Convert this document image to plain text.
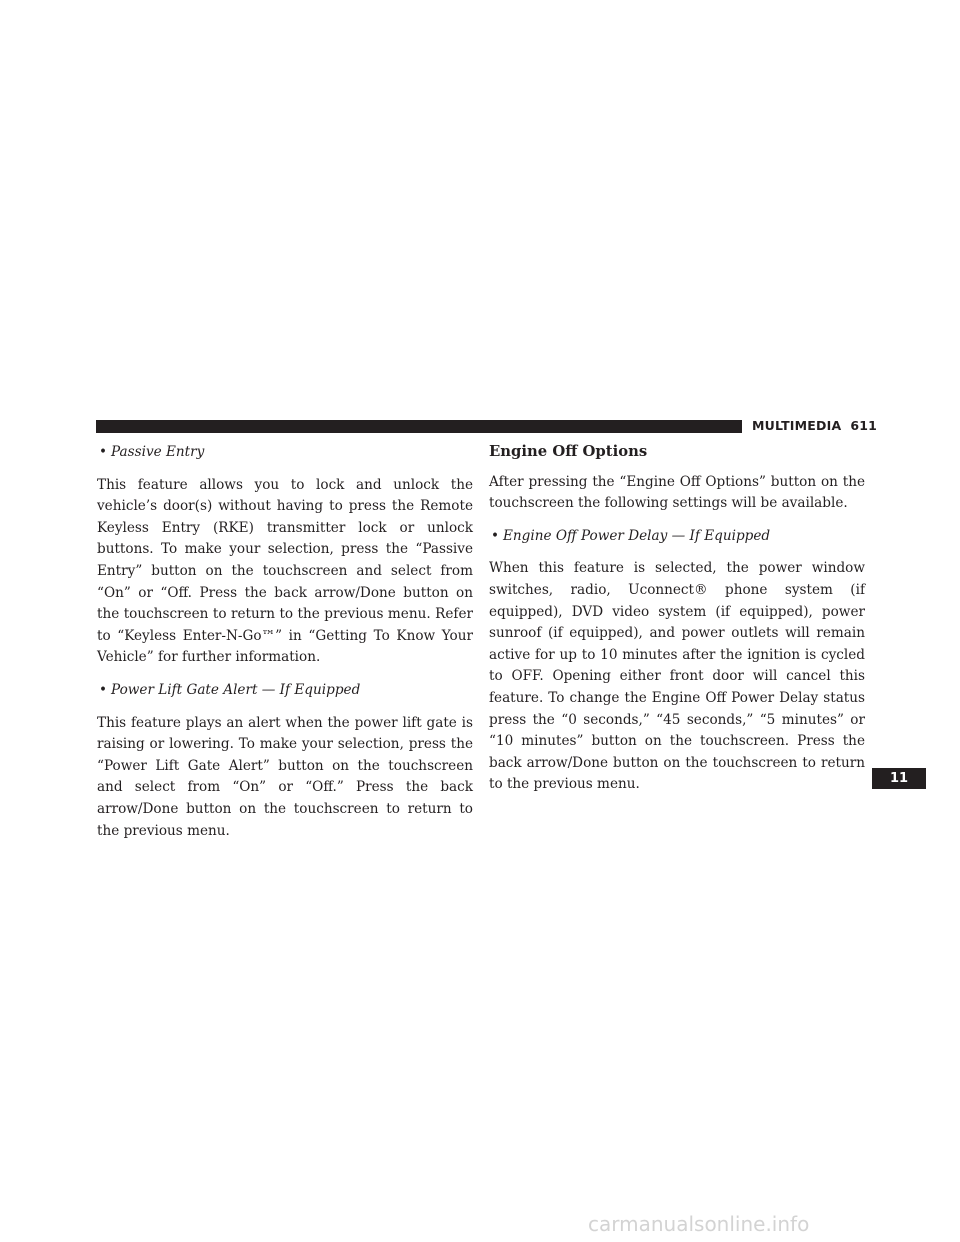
MULTIMEDIA 611

• Passive Entry

This feature allows you to lock and unlock the vehicle’s door(s) without having to press the Remote Keyless Entry (RKE) transmitter lock or unlock buttons. To make your selection, press the “Passive Entry” button on the touchscreen and select from “On” or “Off. Press the back arrow/Done button on the touchscreen to return to the previous menu. Refer to “Keyless Enter-N-Go™” in “Getting To Know Your Vehicle” for further information.

• Power Lift Gate Alert — If Equipped

This feature plays an alert when the power lift gate is raising or lowering. To make your selection, press the “Power Lift Gate Alert” button on the touchscreen and select from “On” or “Off.” Press the back arrow/Done button on the touchscreen to return to the previous menu.

Engine Off Options

After pressing the “Engine Off Options” button on the touchscreen the following settings will be available.

• Engine Off Power Delay — If Equipped

When this feature is selected, the power window switches, radio, Uconnect® phone system (if equipped), DVD video system (if equipped), power sunroof (if equipped), and power outlets will remain active for up to 10 minutes after the ignition is cycled to OFF. Opening either front door will cancel this feature. To change the Engine Off Power Delay status press the “0 seconds,” “45 seconds,” “5 minutes” or “10 minutes” button on the touchscreen. Press the back arrow/Done button on the touchscreen to return to the previous menu.	11
carmanualsonline.info
